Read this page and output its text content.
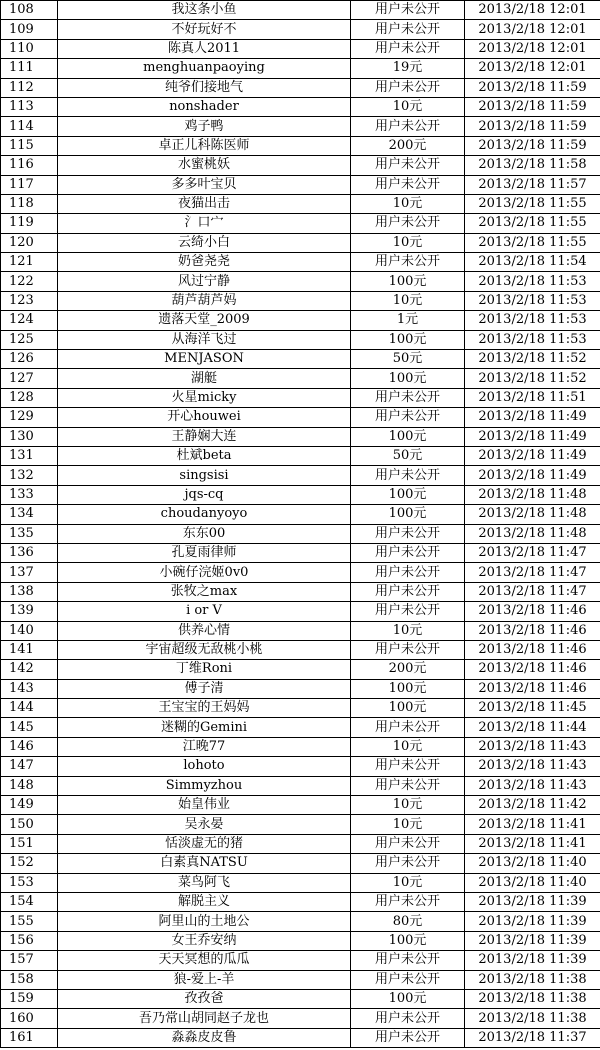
108	我这条小鱼	用户未公开	2013/2/18 12:01
109	不好玩好不	用户未公开	2013/2/18 12:01
110	陈真人2011	用户未公开	2013/2/18 12:01
111	menghuanpaoying	19元	2013/2/18 12:01
112	纯爷们接地气	用户未公开	2013/2/18 11:59
113	nonshader	10元	2013/2/18 11:59
114	鸡子鸭	用户未公开	2013/2/18 11:59
115	卓正儿科陈医师	200元	2013/2/18 11:59
116	水蜜桃妖	用户未公开	2013/2/18 11:58
117	多多叶宝贝	用户未公开	2013/2/18 11:57
118	夜猫出击	10元	2013/2/18 11:55
119	氵口宀	用户未公开	2013/2/18 11:55
120	云绮小白	10元	2013/2/18 11:55
121	奶爸尧尧	用户未公开	2013/2/18 11:54
122	风过宁静	100元	2013/2/18 11:53
123	葫芦葫芦妈	10元	2013/2/18 11:53
124	遗落天堂_2009	1元	2013/2/18 11:53
125	从海洋飞过	100元	2013/2/18 11:53
126	MENJASON	50元	2013/2/18 11:52
127	湖艇	100元	2013/2/18 11:52
128	火星micky	用户未公开	2013/2/18 11:51
129	开心houwei	用户未公开	2013/2/18 11:49
130	王静娴大连	100元	2013/2/18 11:49
131	杜斌beta	50元	2013/2/18 11:49
132	singsisi	用户未公开	2013/2/18 11:49
133	jqs-cq	100元	2013/2/18 11:48
134	choudanyoyo	100元	2013/2/18 11:48
135	东东00	用户未公开	2013/2/18 11:48
136	孔夏雨律师	用户未公开	2013/2/18 11:47
137	小碗仔浣姬0v0	用户未公开	2013/2/18 11:47
138	张牧之max	用户未公开	2013/2/18 11:47
139	i or V	用户未公开	2013/2/18 11:46
140	供养心情	10元	2013/2/18 11:46
141	宇宙超级无敌桃小桃	用户未公开	2013/2/18 11:46
142	丁维Roni	200元	2013/2/18 11:46
143	傅子清	100元	2013/2/18 11:46
144	王宝宝的王妈妈	100元	2013/2/18 11:45
145	迷糊的Gemini	用户未公开	2013/2/18 11:44
146	江晚77	10元	2013/2/18 11:43
147	lohoto	用户未公开	2013/2/18 11:43
148	Simmyzhou	用户未公开	2013/2/18 11:43
149	始皇伟业	10元	2013/2/18 11:42
150	吴永晏	10元	2013/2/18 11:41
151	恬淡虚无的猪	用户未公开	2013/2/18 11:41
152	白素真NATSU	用户未公开	2013/2/18 11:40
153	菜鸟阿飞	10元	2013/2/18 11:40
154	解脱主义	用户未公开	2013/2/18 11:39
155	阿里山的土地公	80元	2013/2/18 11:39
156	女王乔安纳	100元	2013/2/18 11:39
157	天天冥想的瓜瓜	用户未公开	2013/2/18 11:39
158	狼-爱上-羊	用户未公开	2013/2/18 11:38
159	孜孜爸	100元	2013/2/18 11:38
160	吾乃常山胡同赵子龙也	用户未公开	2013/2/18 11:38
161	淼淼皮皮鲁	用户未公开	2013/2/18 11:37
